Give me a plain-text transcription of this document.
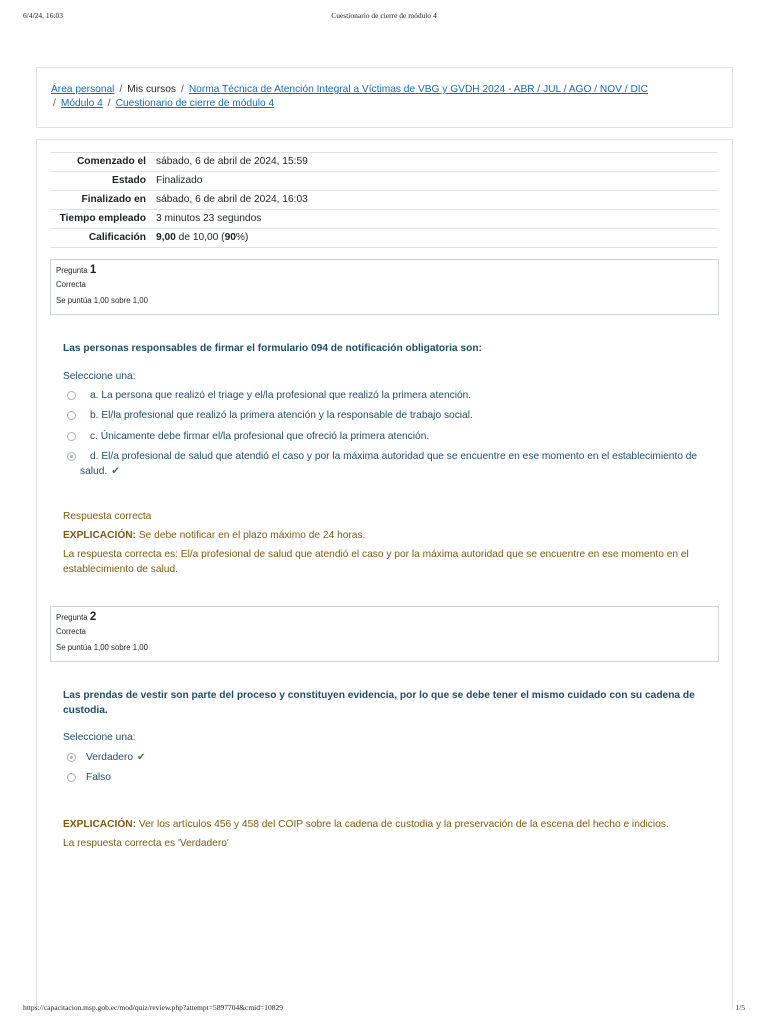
6/4/24, 16:03	Cuestionario de cierre de módulo 4
Área personal / Mis cursos / Norma Técnica de Atención Integral a Víctimas de VBG y GVDH 2024 - ABR / JUL / AGO / NOV / DIC
/ Módulo 4 / Cuestionario de cierre de módulo 4
Comenzado el	sábado, 6 de abril de 2024, 15:59
Estado	Finalizado
Finalizado en	sábado, 6 de abril de 2024, 16:03
Tiempo empleado	3 minutos 23 segundos
Calificación	9,00 de 10,00 (90%)
Pregunta 1
Correcta
Se puntúa 1,00 sobre 1,00
Las personas responsables de firmar el formulario 094 de notificación obligatoria son:
Seleccione una:
a. La persona que realizó el triage y el/la profesional que realizó la primera atención.
b. El/la profesional que realizó la primera atención y la responsable de trabajo social.
c. Únicamente debe firmar el/la profesional que ofreció la primera atención.
d. El/a profesional de salud que atendió el caso y por la máxima autoridad que se encuentre en ese momento en el establecimiento de salud. ✔
Respuesta correcta
EXPLICACIÓN: Se debe notificar en el plazo máximo de 24 horas.
La respuesta correcta es: El/a profesional de salud que atendió el caso y por la máxima autoridad que se encuentre en ese momento en el establecimiento de salud.
Pregunta 2
Correcta
Se puntúa 1,00 sobre 1,00
Las prendas de vestir son parte del proceso y constituyen evidencia, por lo que se debe tener el mismo cuidado con su cadena de custodia.
Seleccione una:
Verdadero ✔
Falso
EXPLICACIÓN: Ver los artículos 456 y 458 del COIP sobre la cadena de custodia y la preservación de la escena del hecho e indicios.
La respuesta correcta es 'Verdadero'
https://capacitacion.msp.gob.ec/mod/quiz/review.php?attempt=5897704&cmid=10829	1/5
